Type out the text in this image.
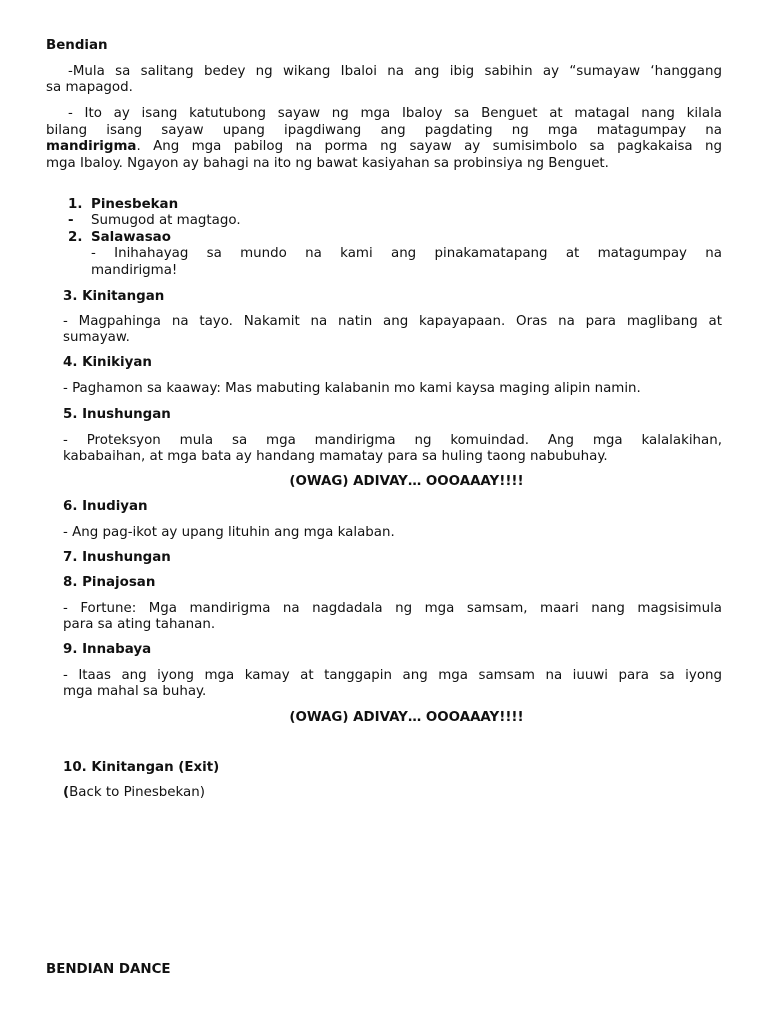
Bendian
-Mula sa salitang bedey ng wikang Ibaloi na ang ibig sabihin ay “sumayaw ‘hanggang
sa mapagod.
- Ito ay isang katutubong sayaw ng mga Ibaloy sa Benguet at matagal nang kilala
bilang isang sayaw upang ipagdiwang ang pagdating ng mga matagumpay na
mandirigma. Ang mga pabilog na porma ng sayaw ay sumisimbolo sa pagkakaisa ng
mga Ibaloy. Ngayon ay bahagi na ito ng bawat kasiyahan sa probinsiya ng Benguet.
1. Pinesbekan
- Sumugod at magtago.
2. Salawasao
- Inihahayag sa mundo na kami ang pinakamatapang at matagumpay na
mandirigma!
3. Kinitangan
- Magpahinga na tayo. Nakamit na natin ang kapayapaan. Oras na para maglibang at
sumayaw.
4. Kinikiyan
- Paghamon sa kaaway: Mas mabuting kalabanin mo kami kaysa maging alipin namin.
5. Inushungan
- Proteksyon mula sa mga mandirigma ng komuindad. Ang mga kalalakihan,
kababaihan, at mga bata ay handang mamatay para sa huling taong nabubuhay.
(OWAG) ADIVAY… OOOAAAY!!!!
6. Inudiyan
- Ang pag-ikot ay upang lituhin ang mga kalaban.
7. Inushungan
8. Pinajosan
- Fortune: Mga mandirigma na nagdadala ng mga samsam, maari nang magsisimula
para sa ating tahanan.
9. Innabaya
- Itaas ang iyong mga kamay at tanggapin ang mga samsam na iuuwi para sa iyong
mga mahal sa buhay.
(OWAG) ADIVAY… OOOAAAY!!!!
10. Kinitangan (Exit)
(Back to Pinesbekan)
BENDIAN DANCE
